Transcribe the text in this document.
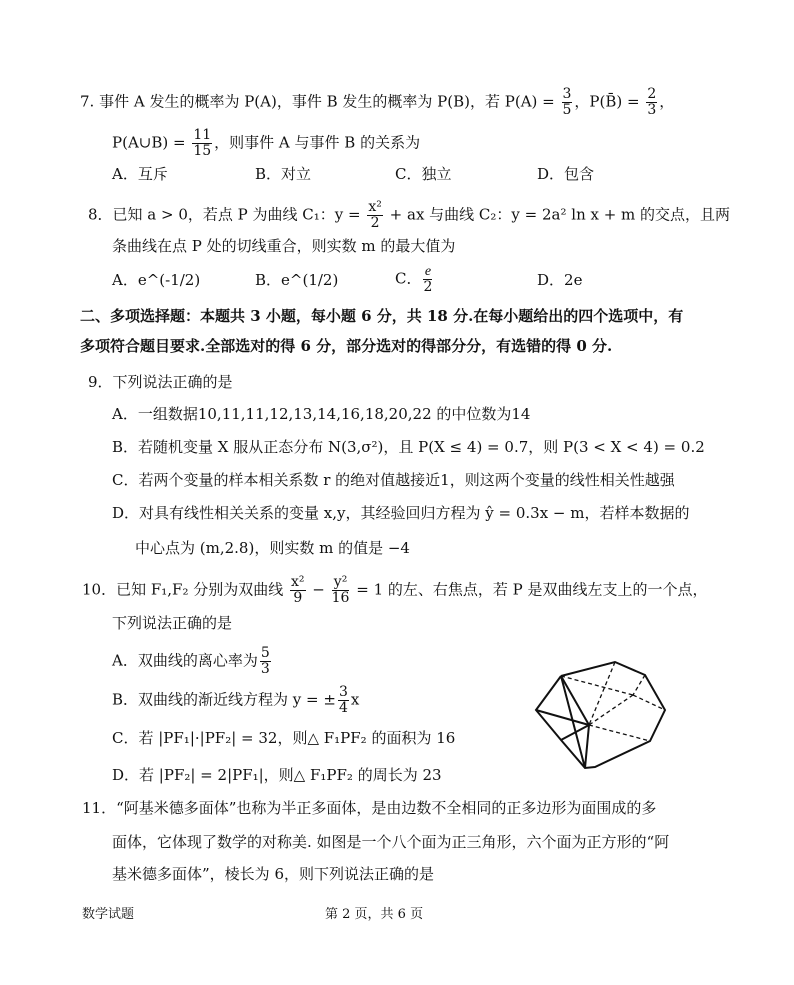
7. 事件 A 发生的概率为 P(A)，事件 B 发生的概率为 P(B)，若 $P(A) = \frac{3}{5}$ ，P(B̄) = $\frac{2}{3}$ ，
P(A∪B) = $\frac{11}{15}$ ，则事件 A 与事件 B 的关系为
A．互斥	B．对立	C．独立	D．包含
8．已知 a > 0，若点 P 为曲线 C₁：$y = \frac{\text{x²}}{2}$ + ax 与曲线 C₂：y = 2a² ln x + m 的交点，且两
条曲线在点 P 处的切线重合，则实数 m 的最大值为
A．e^(-1/2)	B．e^(1/2)	C． $\frac{e}{2}$	D．2e
二、多项选择题：本题共 3 小题，每小题 6 分，共 18 分.在每小题给出的四个选项中，有
多项符合题目要求.全部选对的得 6 分，部分选对的得部分分，有选错的得 0 分.
9．下列说法正确的是
A．一组数据10,11,11,12,13,14,16,18,20,22 的中位数为14
B．若随机变量 X 服从正态分布 N(3,σ²)，且 P(X ≤ 4) = 0.7，则 P(3 < X < 4) = 0.2
C．若两个变量的样本相关系数 r 的绝对值越接近1，则这两个变量的线性相关性越强
D．对具有线性相关关系的变量 x,y，其经验回归方程为 ŷ = 0.3x − m，若样本数据的
中心点为 (m,2.8)，则实数 m 的值是 −4
10．已知 F₁,F₂ 分别为双曲线 $\frac{\text{x²}}{9} - \frac{\text{y²}}{16} = 1$ 的左、右焦点，若 P 是双曲线左支上的一个点，
下列说法正确的是
A．双曲线的离心率为 $\frac{5}{3}$
B．双曲线的渐近线方程为 y = ± $\frac{3}{4}$ x
C．若 |PF₁|·|PF₂| = 32，则△ F₁PF₂ 的面积为 16
D．若 |PF₂| = 2|PF₁|，则△ F₁PF₂ 的周长为 23
11．“阿基米德多面体”也称为半正多面体，是由边数不全相同的正多边形为面围成的多
面体，它体现了数学的对称美. 如图是一个八个面为正三角形，六个面为正方形的“阿
基米德多面体”，棱长为 6，则下列说法正确的是
数学试题	第 2 页，共 6 页
